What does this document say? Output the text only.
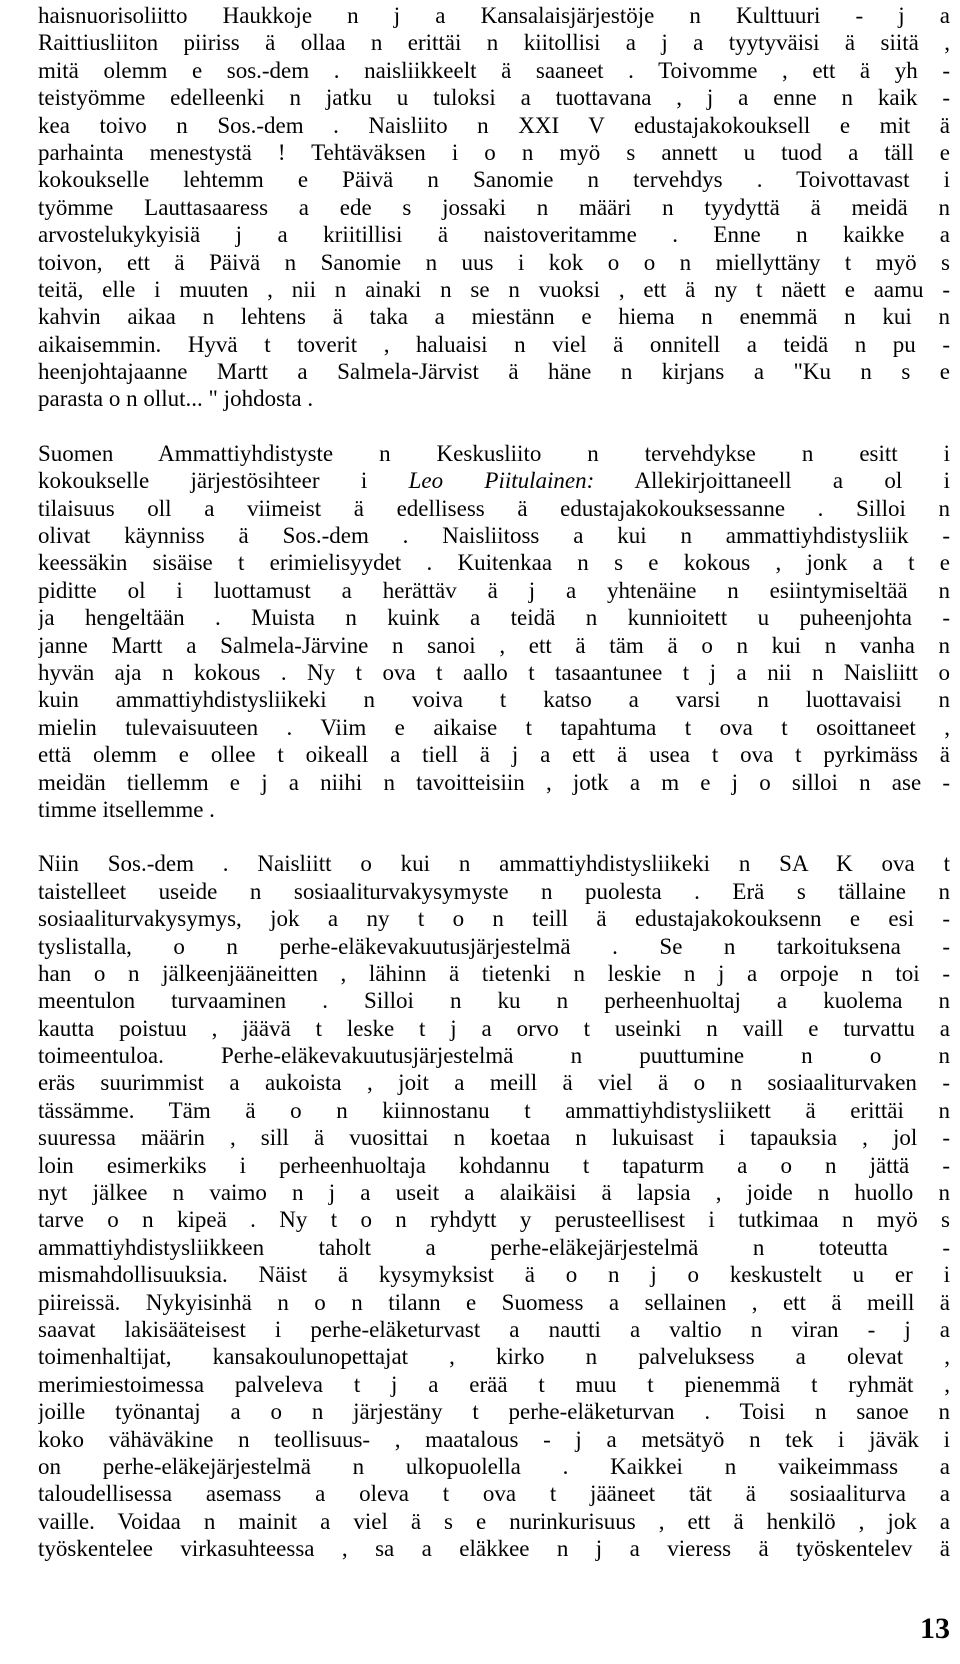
haisnuorisoliitto Haukkoje n j a Kansalaisjärjestöje n Kulttuuri - j a
Raittiusliiton piiriss ä ollaa n erittäi n kiitollisi a j a tyytyväisi ä siitä ,
mitä olemm e sos.-dem . naisliikkeelt ä saaneet . Toivomme , ett ä yh -
teistyömme edelleenki n jatku u tuloksi a tuottavana , j a enne n kaik -
kea toivo n Sos.-dem . Naisliito n XXI V edustajakokouksell e mit ä
parhainta menestystä ! Tehtäväksen i o n myö s annett u tuod a täll e
kokoukselle lehtemm e Päivä n Sanomie n tervehdys . Toivottavast i
työmme Lauttasaaress a ede s jossaki n määri n tyydyttä ä meidä n
arvostelukykyisiä j a kriitillisi ä naistoveritamme . Enne n kaikke a
toivon, ett ä Päivä n Sanomie n uus i kok o o n miellyttäny t myö s
teitä, elle i muuten , nii n ainaki n se n vuoksi , ett ä ny t näett e aamu -
kahvin aikaa n lehtens ä taka a miestänn e hiema n enemmä n kui n
aikaisemmin. Hyvä t toverit , haluaisi n viel ä onnitell a teidä n pu -
heenjohtajaanne Martt a Salmela-Järvist ä häne n kirjans a "Ku n s e
parasta o n ollut... " johdosta .
Suomen Ammattiyhdistyste n Keskusliito n tervehdykse n esitt i
kokoukselle järjestösihteer i Leo Piitulainen: Allekirjoittaneell a ol i
tilaisuus oll a viimeist ä edellisess ä edustajakokouksessanne . Silloi n
olivat käynniss ä Sos.-dem . Naisliitoss a kui n ammattiyhdistysliik -
keessäkin sisäise t erimielisyydet . Kuitenkaa n s e kokous , jonk a t e
piditte ol i luottamust a herättäv ä j a yhtenäine n esiintymiseltää n
ja hengeltään . Muista n kuink a teidä n kunnioitett u puheenjohta -
janne Martt a Salmela-Järvine n sanoi , ett ä täm ä o n kui n vanha n
hyvän aja n kokous . Ny t ova t aallo t tasaantunee t j a nii n Naisliitt o
kuin ammattiyhdistysliikeki n voiva t katso a varsi n luottavaisi n
mielin tulevaisuuteen . Viim e aikaise t tapahtuma t ova t osoittaneet ,
että olemm e ollee t oikeall a tiell ä j a ett ä usea t ova t pyrkimäss ä
meidän tiellemm e j a niihi n tavoitteisiin , jotk a m e j o silloi n ase -
timme itsellemme .
Niin Sos.-dem . Naisliitt o kui n ammattiyhdistysliikeki n SA K ova t
taistelleet useide n sosiaaliturvakysymyste n puolesta . Erä s tällaine n
sosiaaliturvakysymys, jok a ny t o n teill ä edustajakokouksenn e esi -
tyslistalla, o n perhe-eläkevakuutusjärjestelmä . Se n tarkoituksena -
han o n jälkeenjääneitten , lähinn ä tietenki n leskie n j a orpoje n toi -
meentulon turvaaminen . Silloi n ku n perheenhuoltaj a kuolema n
kautta poistuu , jäävä t leske t j a orvo t useinki n vaill e turvattu a
toimeentuloa. Perhe-eläkevakuutusjärjestelmä n puuttumine n o n
eräs suurimmist a aukoista , joit a meill ä viel ä o n sosiaaliturvaken -
tässämme. Täm ä o n kiinnostanu t ammattiyhdistysliikett ä erittäi n
suuressa määrin , sill ä vuosittai n koetaa n lukuisast i tapauksia , jol -
loin esimerkiks i perheenhuoltaja kohdannu t tapaturm a o n jättä -
nyt jälkee n vaimo n j a useit a alaikäisi ä lapsia , joide n huollo n
tarve o n kipeä . Ny t o n ryhdytt y perusteellisest i tutkimaa n myö s
ammattiyhdistysliikkeen taholt a perhe-eläkejärjestelmä n toteutta -
mismahdollisuuksia. Näist ä kysymyksist ä o n j o keskustelt u er i
piireissä. Nykyisinhä n o n tilann e Suomess a sellainen , ett ä meill ä
saavat lakisääteisest i perhe-eläketurvast a nautti a valtio n viran - j a
toimenhaltijat, kansakoulunopettajat , kirko n palveluksess a olevat ,
merimiestoimessa palveleva t j a erää t muu t pienemmä t ryhmät ,
joille työnantaj a o n järjestäny t perhe-eläketurvan . Toisi n sanoe n
koko vähäväkine n teollisuus- , maatalous - j a metsätyö n tek i jäväk i
on perhe-eläkejärjestelmä n ulkopuolella . Kaikkei n vaikeimmass a
taloudellisessa asemass a oleva t ova t jääneet tät ä sosiaaliturva a
vaille. Voidaa n mainit a viel ä s e nurinkurisuus , ett ä henkilö , jok a
työskentelee virkasuhteessa , sa a eläkkee n j a vieress ä työskentelev ä
13
